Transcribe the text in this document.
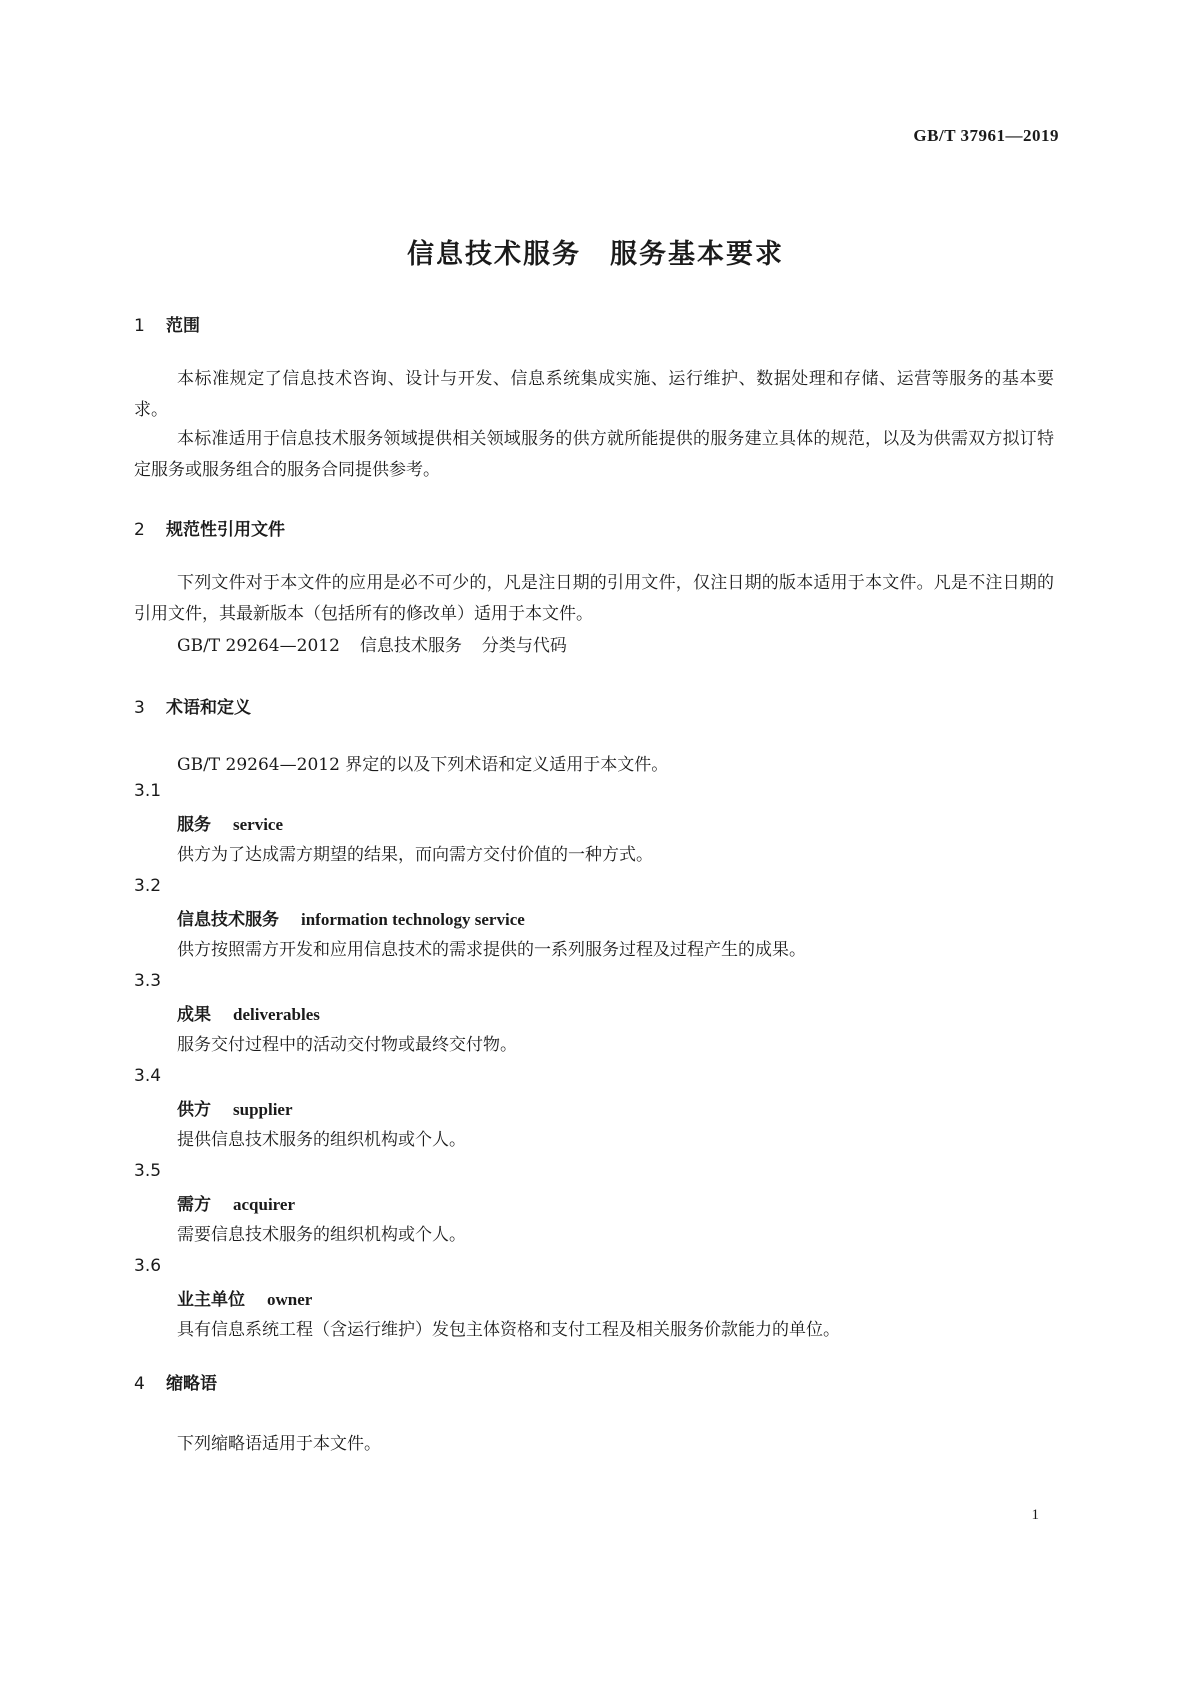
GB/T 37961—2019
信息技术服务　服务基本要求
1 范围
本标准规定了信息技术咨询、设计与开发、信息系统集成实施、运行维护、数据处理和存储、运营等服务的基本要求。
本标准适用于信息技术服务领域提供相关领域服务的供方就所能提供的服务建立具体的规范，以及为供需双方拟订特定服务或服务组合的服务合同提供参考。
2 规范性引用文件
下列文件对于本文件的应用是必不可少的，凡是注日期的引用文件，仅注日期的版本适用于本文件。凡是不注日期的引用文件，其最新版本（包括所有的修改单）适用于本文件。
GB/T 29264—2012 信息技术服务 分类与代码
3 术语和定义
GB/T 29264—2012 界定的以及下列术语和定义适用于本文件。
3.1
服务 service
供方为了达成需方期望的结果，而向需方交付价值的一种方式。
3.2
信息技术服务 information technology service
供方按照需方开发和应用信息技术的需求提供的一系列服务过程及过程产生的成果。
3.3
成果 deliverables
服务交付过程中的活动交付物或最终交付物。
3.4
供方 supplier
提供信息技术服务的组织机构或个人。
3.5
需方 acquirer
需要信息技术服务的组织机构或个人。
3.6
业主单位 owner
具有信息系统工程（含运行维护）发包主体资格和支付工程及相关服务价款能力的单位。
4 缩略语
下列缩略语适用于本文件。
1
